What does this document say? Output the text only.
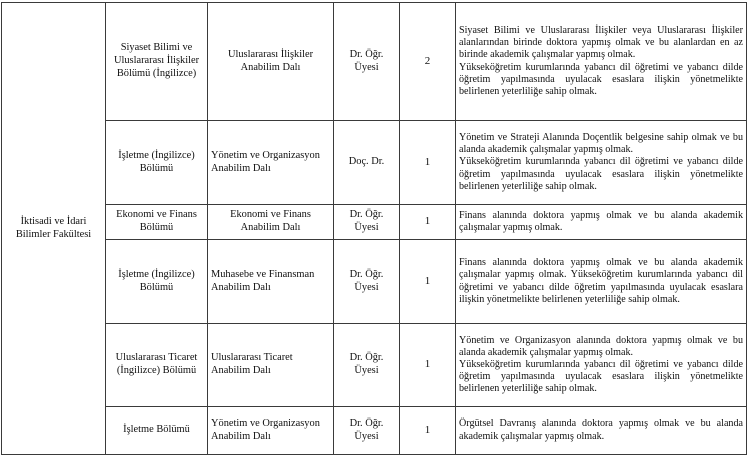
İktisadi ve İdari Bilimler Fakültesi	Siyaset Bilimi ve Uluslararası İlişkiler Bölümü (İngilizce)	Uluslararası İlişkiler Anabilim Dalı	Dr. Öğr. Üyesi	2	Siyaset Bilimi ve Uluslararası İlişkiler veya Uluslararası İlişkiler alanlarından birinde doktora yapmış olmak ve bu alanlardan en az birinde akademik çalışmalar yapmış olmak.
Yükseköğretim kurumlarında yabancı dil öğretimi ve yabancı dilde öğretim yapılmasında uyulacak esaslara ilişkin yönetmelikte belirlenen yeterliliğe sahip olmak.

	İşletme (İngilizce) Bölümü	Yönetim ve Organizasyon Anabilim Dalı	Doç. Dr.	1	Yönetim ve Strateji Alanında Doçentlik belgesine sahip olmak ve bu alanda akademik çalışmalar yapmış olmak.
Yükseköğretim kurumlarında yabancı dil öğretimi ve yabancı dilde öğretim yapılmasında uyulacak esaslara ilişkin yönetmelikte belirlenen yeterliliğe sahip olmak.

	Ekonomi ve Finans Bölümü	Ekonomi ve Finans Anabilim Dalı	Dr. Öğr. Üyesi	1	Finans alanında doktora yapmış olmak ve bu alanda akademik çalışmalar yapmış olmak.

	İşletme (İngilizce) Bölümü	Muhasebe ve Finansman Anabilim Dalı	Dr. Öğr. Üyesi	1	Finans alanında doktora yapmış olmak ve bu alanda akademik çalışmalar yapmış olmak. Yükseköğretim kurumlarında yabancı dil öğretimi ve yabancı dilde öğretim yapılmasında uyulacak esaslara ilişkin yönetmelikte belirlenen yeterliliğe sahip olmak.

	Uluslararası Ticaret (İngilizce) Bölümü	Uluslararası Ticaret Anabilim Dalı	Dr. Öğr. Üyesi	1	Yönetim ve Organizasyon alanında doktora yapmış olmak ve bu alanda akademik çalışmalar yapmış olmak.
Yükseköğretim kurumlarında yabancı dil öğretimi ve yabancı dilde öğretim yapılmasında uyulacak esaslara ilişkin yönetmelikte belirlenen yeterliliğe sahip olmak.

	İşletme Bölümü	Yönetim ve Organizasyon Anabilim Dalı	Dr. Öğr. Üyesi	1	Örgütsel Davranış alanında doktora yapmış olmak ve bu alanda akademik çalışmalar yapmış olmak.
